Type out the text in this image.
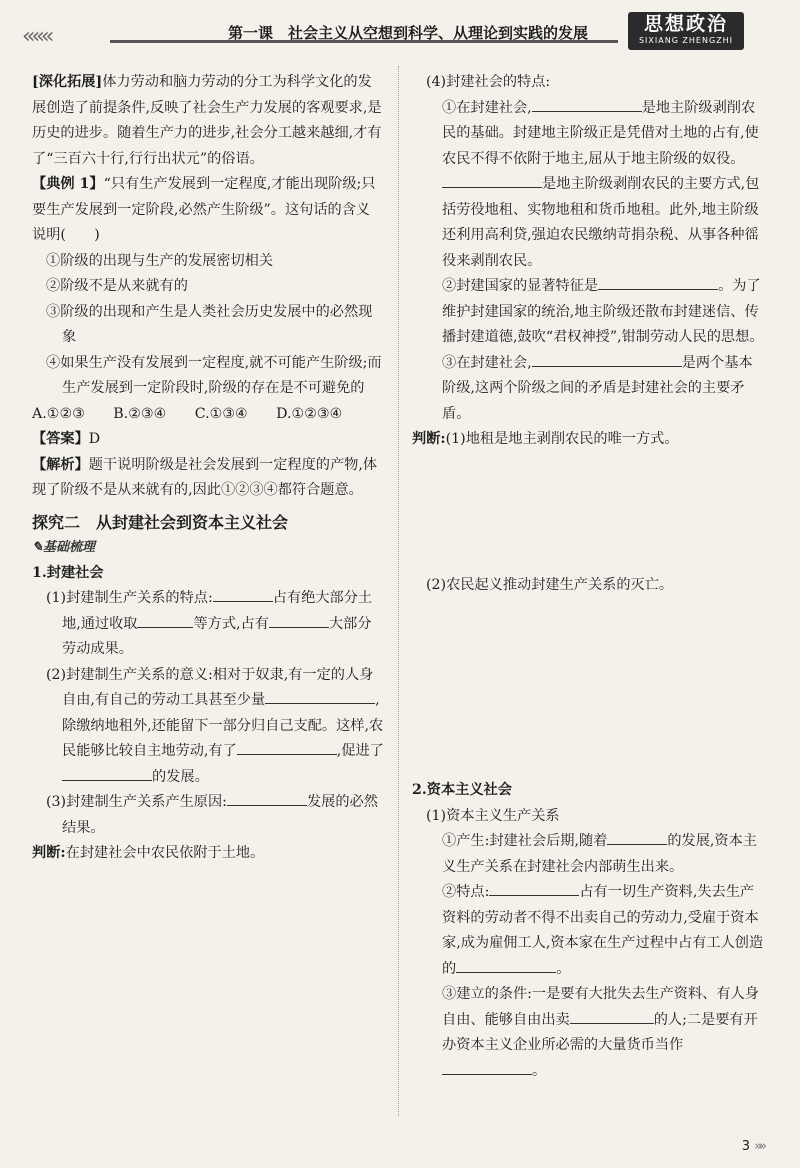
«««	第一课　社会主义从空想到科学、从理论到实践的发展	思想政治
SIXIANG ZHENGZHI

[深化拓展]体力劳动和脑力劳动的分工为科学文化的发展创造了前提条件,反映了社会生产力发展的客观要求,是历史的进步。随着生产力的进步,社会分工越来越细,才有了“三百六十行,行行出状元”的俗语。

【典例 1】“只有生产发展到一定程度,才能出现阶级;只要生产发展到一定阶段,必然产生阶级”。这句话的含义说明(　　)

①阶级的出现与生产的发展密切相关

②阶级不是从来就有的

③阶级的出现和产生是人类社会历史发展中的必然现象

④如果生产没有发展到一定程度,就不可能产生阶级;而生产发展到一定阶段时,阶级的存在是不可避免的

A.①②③　　B.②③④　　C.①③④　　D.①②③④

【答案】D

【解析】题干说明阶级是社会发展到一定程度的产物,体现了阶级不是从来就有的,因此①②③④都符合题意。

探究二　从封建社会到资本主义社会

✎基础梳理

1.封建社会

(1)封建制生产关系的特点:	占有绝大部分土地,通过收取	等方式,占有	大部分劳动成果。

(2)封建制生产关系的意义:相对于奴隶,有一定的人身自由,有自己的劳动工具甚至少量	,除缴纳地租外,还能留下一部分归自己支配。这样,农民能够比较自主地劳动,有了	,促进了的发展。

(3)封建制生产关系产生原因:	发展的必然结果。

判断:在封建社会中农民依附于土地。

(4)封建社会的特点:

①在封建社会,	是地主阶级剥削农民的基础。封建地主阶级正是凭借对土地的占有,使农民不得不依附于地主,屈从于地主阶级的奴役。是地主阶级剥削农民的主要方式,包括劳役地租、实物地租和货币地租。此外,地主阶级还利用高利贷,强迫农民缴纳苛捐杂税、从事各种徭役来剥削农民。

②封建国家的显著特征是	。为了维护封建国家的统治,地主阶级还散布封建迷信、传播封建道德,鼓吹“君权神授”,钳制劳动人民的思想。

③在封建社会,	是两个基本阶级,这两个阶级之间的矛盾是封建社会的主要矛盾。

判断:(1)地租是地主剥削农民的唯一方式。

(2)农民起义推动封建生产关系的灭亡。

2.资本主义社会

(1)资本主义生产关系

①产生:封建社会后期,随着	的发展,资本主义生产关系在封建社会内部萌生出来。

②特点:	占有一切生产资料,失去生产资料的劳动者不得不出卖自己的劳动力,受雇于资本家,成为雇佣工人,资本家在生产过程中占有工人创造的	。

③建立的条件:一是要有大批失去生产资料、有人身自由、能够自由出卖	的人;二是要有开办资本主义企业所必需的大量货币当作。

3 »»
